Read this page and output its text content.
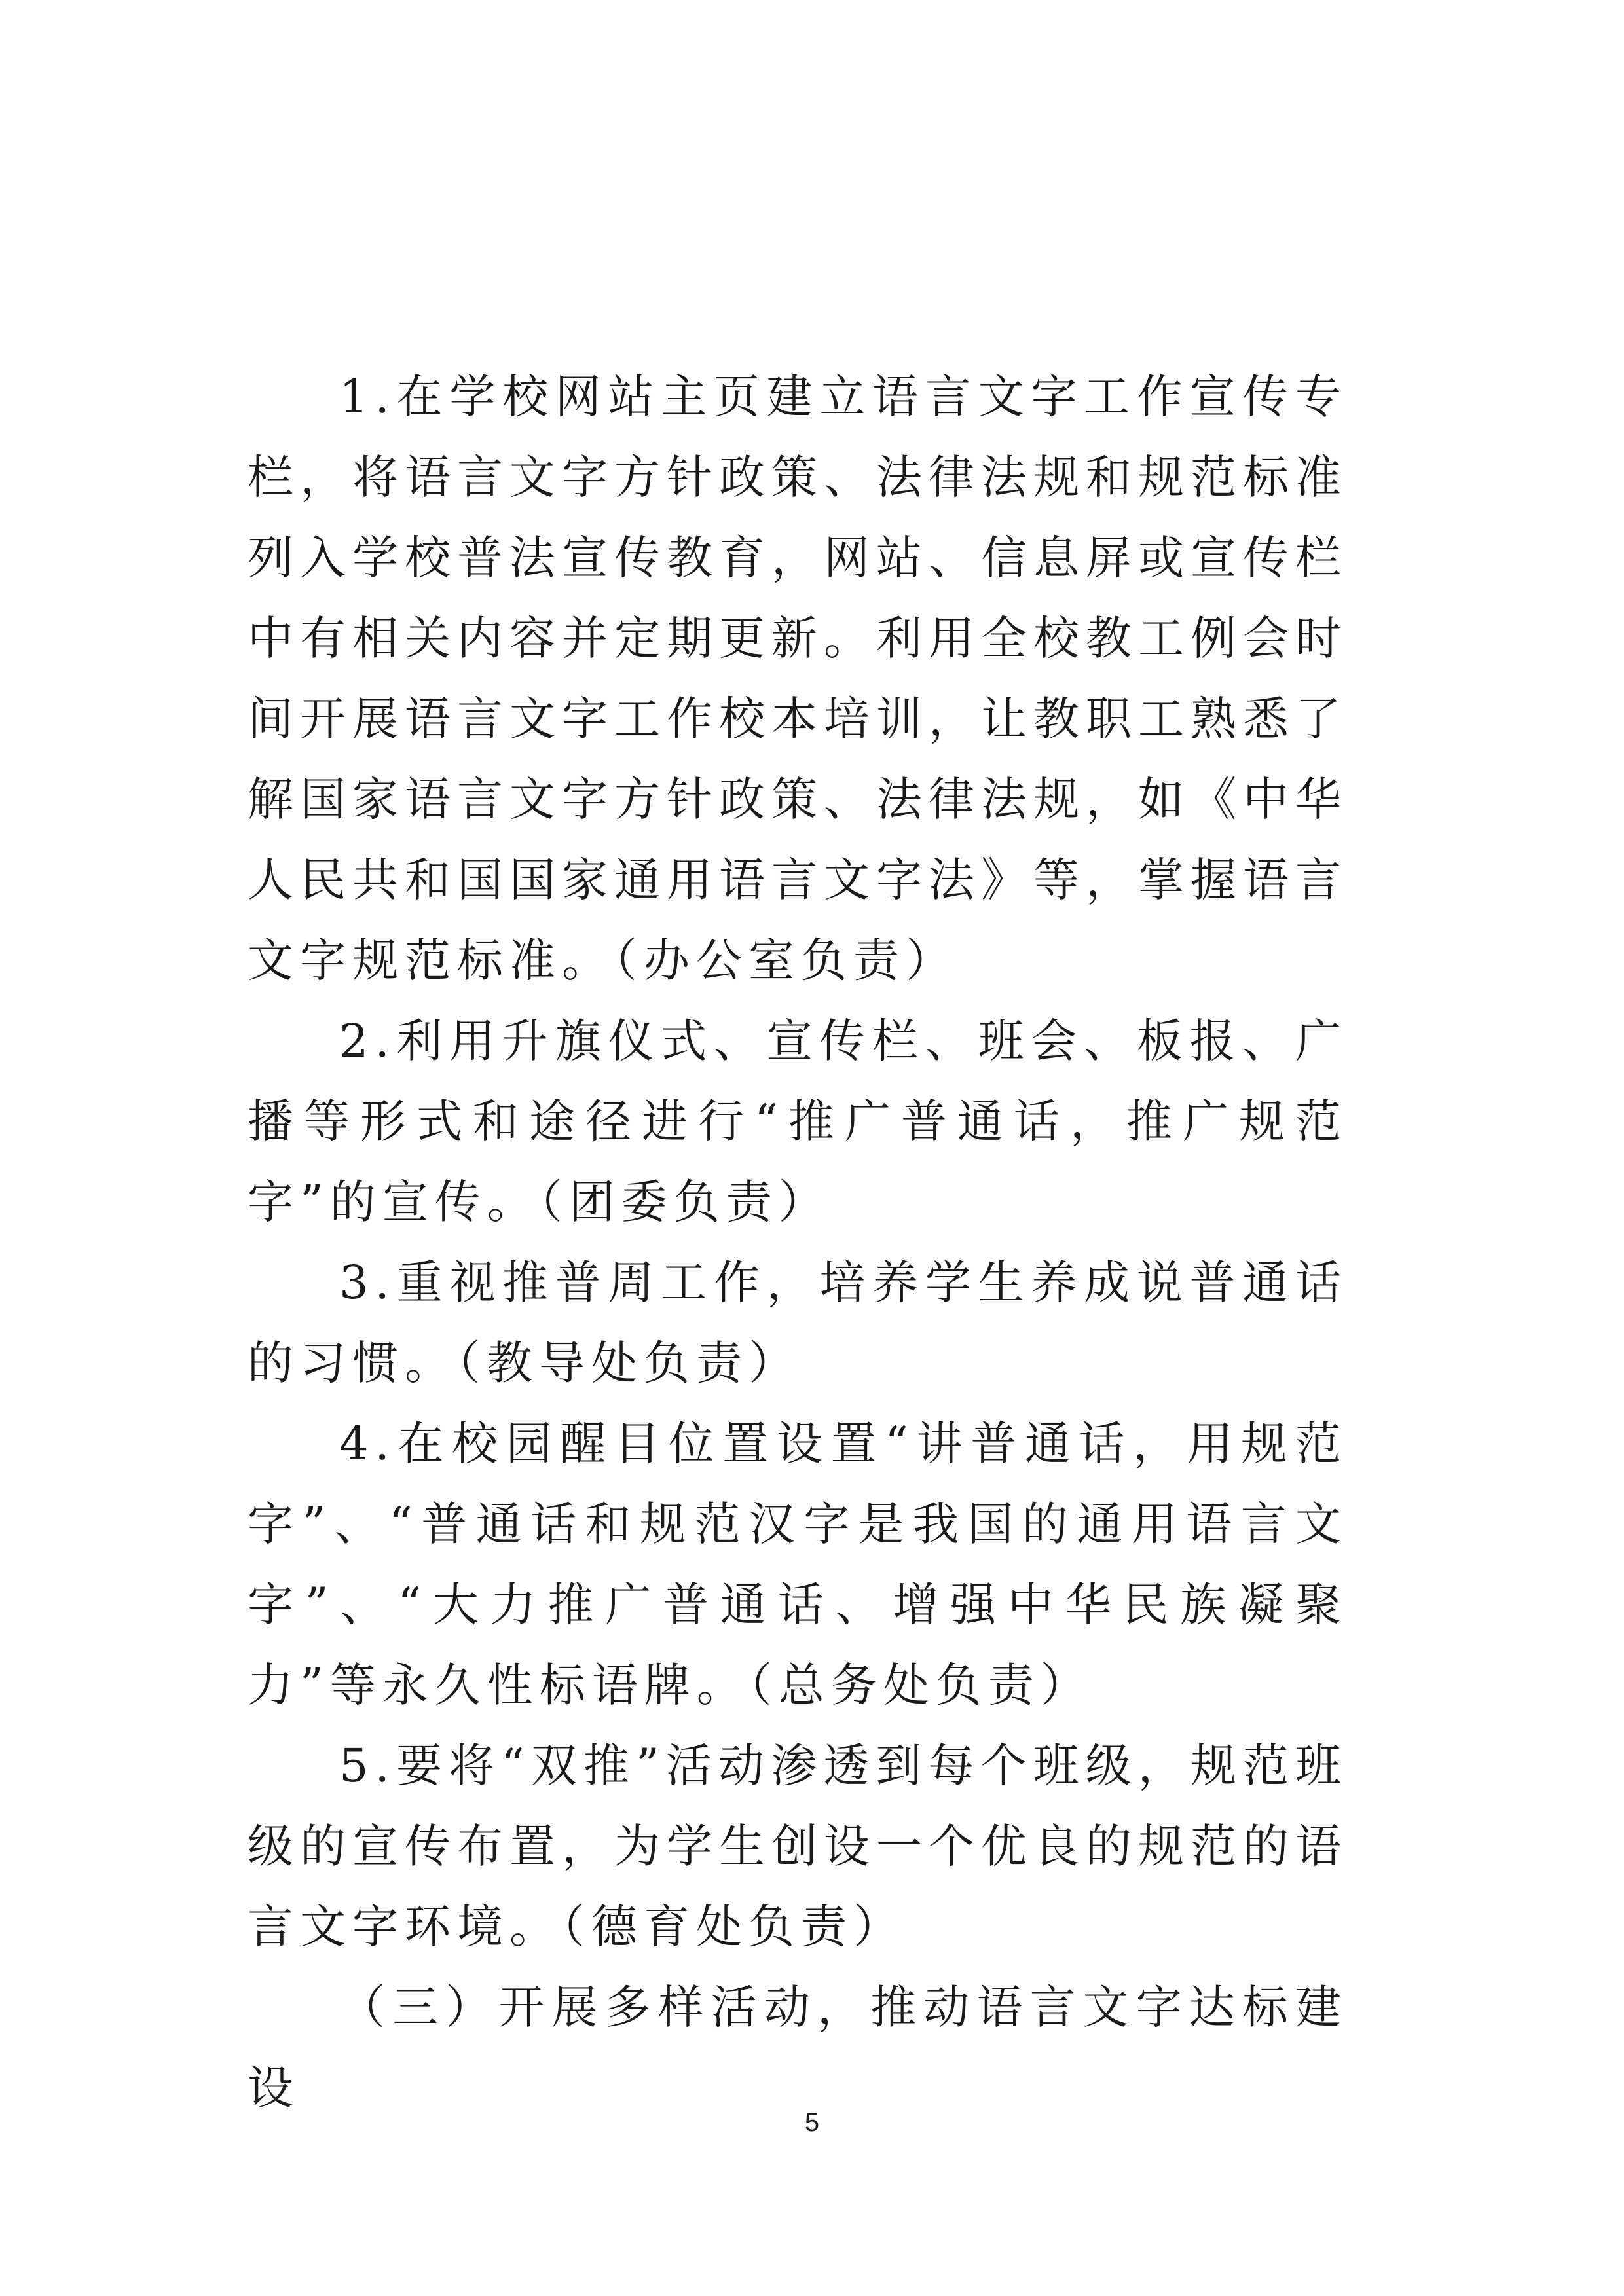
1.在学校网站主页建立语言文字工作宣传专栏，将语言文字方针政策、法律法规和规范标准列入学校普法宣传教育，网站、信息屏或宣传栏中有相关内容并定期更新。利用全校教工例会时间开展语言文字工作校本培训，让教职工熟悉了解国家语言文字方针政策、法律法规，如《中华人民共和国国家通用语言文字法》等，掌握语言文字规范标准。（办公室负责）

2.利用升旗仪式、宣传栏、班会、板报、广播等形式和途径进行“推广普通话，推广规范字”的宣传。（团委负责）

3.重视推普周工作，培养学生养成说普通话的习惯。（教导处负责）

4.在校园醒目位置设置“讲普通话，用规范字”、“普通话和规范汉字是我国的通用语言文字”、“大力推广普通话、增强中华民族凝聚力”等永久性标语牌。（总务处负责）

5.要将“双推”活动渗透到每个班级，规范班级的宣传布置，为学生创设一个优良的规范的语言文字环境。（德育处负责）

（三）开展多样活动，推动语言文字达标建设

5
